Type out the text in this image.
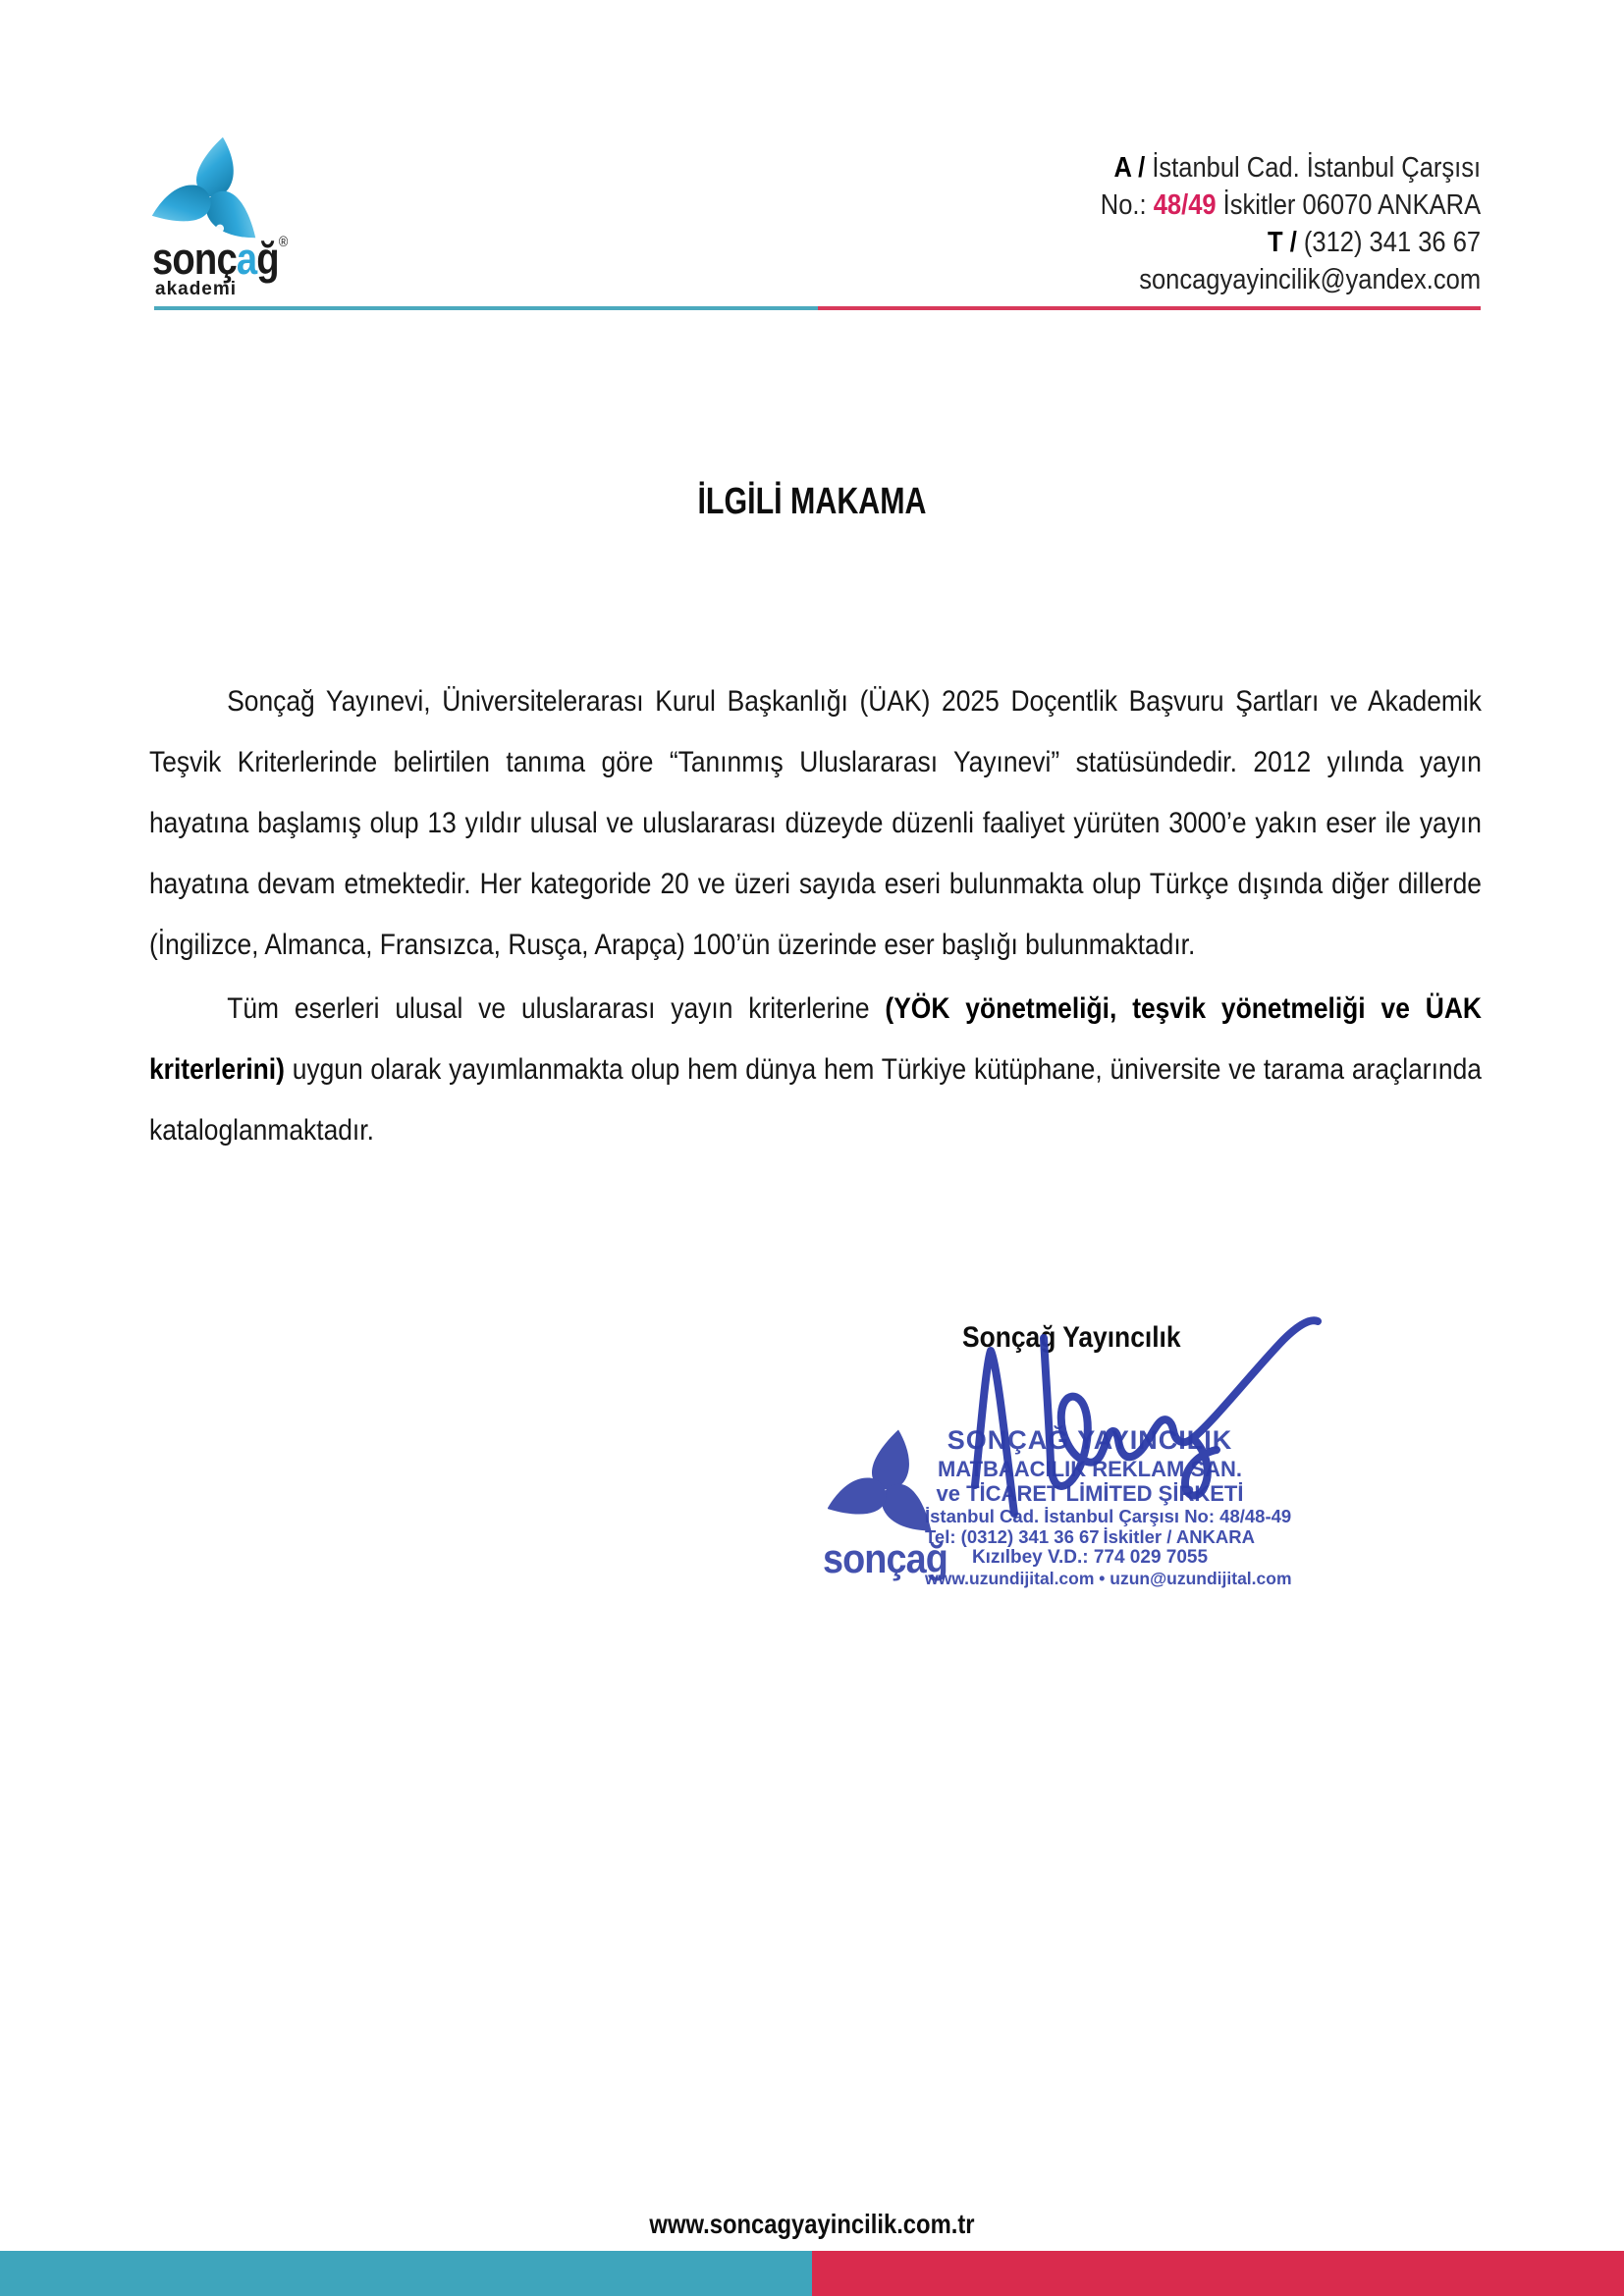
sonçağ®
akademi
A / İstanbul Cad. İstanbul Çarşısı
No.: 48/49 İskitler 06070 ANKARA
T / (312) 341 36 67
soncagyayincilik@yandex.com
İLGİLİ MAKAMA

Sonçağ Yayınevi, Üniversitelerarası Kurul Başkanlığı (ÜAK) 2025 Doçentlik Başvuru Şartları ve Akademik Teşvik Kriterlerinde belirtilen tanıma göre “Tanınmış Uluslararası Yayınevi” statüsündedir. 2012 yılında yayın hayatına başlamış olup 13 yıldır ulusal ve uluslararası düzeyde düzenli faaliyet yürüten 3000’e yakın eser ile yayın hayatına devam etmektedir. Her kategoride 20 ve üzeri sayıda eseri bulunmakta olup Türkçe dışında diğer dillerde (İngilizce, Almanca, Fransızca, Rusça, Arapça) 100’ün üzerinde eser başlığı bulunmaktadır.

Tüm eserleri ulusal ve uluslararası yayın kriterlerine (YÖK yönetmeliği, teşvik yönetmeliği ve ÜAK kriterlerini) uygun olarak yayımlanmakta olup hem dünya hem Türkiye kütüphane, üniversite ve tarama araçlarında kataloglanmaktadır.

Sonçağ Yayıncılık
sonçağ
SONÇAĞ YAYINCILIK
MATBAACILIK REKLAM SAN.
ve TİCARET LİMİTED ŞİRKETİ
İstanbul Cad. İstanbul Çarşısı No: 48/48-49
Tel: (0312) 341 36 67 İskitler / ANKARA
Kızılbey V.D.: 774 029 7055
www.uzundijital.com • uzun@uzundijital.com
www.soncagyayincilik.com.tr
